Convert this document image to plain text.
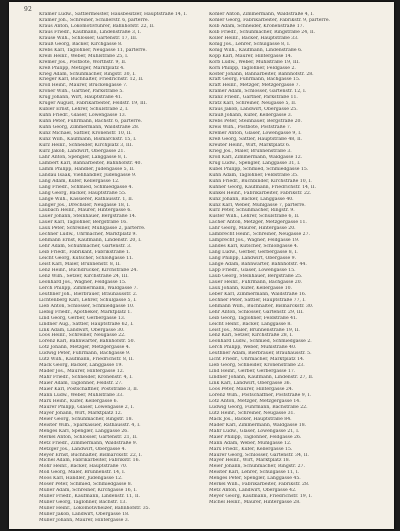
92
Kramer Ludw., Sattlermeister, Hausbesitzer, Hauptstraße 14, I.
Krämer Joh., Schreiner, Schillerstr. 6, parterre.
Kraus Anton, Lokomotivführer, Bahnhofstr. 22, II.
Kraus Friedr., Kaufmann, Lindenstraße 3, I.
Krause Wilh., Schlosser, Gartenstr. 17, III.
Krauß Georg, Bäcker, Kirchgasse 8.
Krebs Karl, Taglöhner, Neugasse 11, parterre.
Kreiß Heinr., Weber, Mühlstraße 25, I.
Kremer Jos., Postbote, Wörthstr. 9, II.
Kreß Philipp, Metzger, Marktplatz 4.
Krieg Adam, Schuhmacher, Ringstr. 30, I.
Krieger Karl, Buchhalter, Friedrichstr. 12, II.
Kroll Heinr., Maurer, Brückengasse 7.
Kröner Wilh., Gärtner, Parkstraße 5.
Krug Johann, Wirt, Hauptstraße 41.
Krüger August, Fabrikarbeiter, Feldstr. 19, III.
Kübler Ernst, Lehrer, Schulstraße 2, I.
Kuhn Friedr., Glaser, Löwengasse 13.
Kuhn Peter, Fuhrmann, Bachstr. 6, parterre.
Kühn Georg, Zimmermann, Waldstraße 28.
Kunz Michael, Sattler, Kronenstr. 10, II.
Kunz Wilh., Kaufmann, Bismarckstr. 15, I.
Kurz Heinr., Schneider, Kirchplatz 3, III.
Kurz Jakob, Landwirt, Obergasse 21.
Lahr Anton, Spengler, Langgasse 8, I.
Lambert Karl, Bahnarbeiter, Bahnhofstr. 40.
Lamm Philipp, Händler, Judengasse 5, II.
Landau Isaak, Viehhändler, Judengasse 9.
Lang Adam, Küfer, Kellergasse 12.
Lang Friedr., Schmied, Schmiedgasse 4.
Lang Georg, Bäcker, Hauptstraße 55.
Lange Wilh., Kassierer, Rathausstr. 1, II.
Langer Jos., Drechsler, Neugasse 18, I.
Laubach Heinr., Maurer, Hintergasse 6.
Lauer Johann, Steinhauer, Bergstraße 14.
Lauer Karl, Taglöhner, Bergstraße 16.
Laux Peter, Schreiner, Mühlgasse 2, parterre.
Lechner Ludw., Uhrmacher, Marktplatz 9.
Lehmann Ernst, Kaufmann, Lindenstr. 20, I.
Lehr Adam, Schuhmacher, Gartenstr. 3.
Leib Friedr., Fabrikant, Fabrikstraße 1.
Leicht Georg, Kutscher, Schloßgasse 11.
Leist Karl, Maler, Brunnenstr. 8, II.
Lenz Heinr., Buchdrucker, Kirchstraße 24.
Lenz Wilh., Setzer, Kirchstraße 24, III.
Leonhard Jos., Wagner, Feldgasse 15.
Lerch Philipp, Zimmermann, Waldgasse 7.
Leuthner Joh., Bierbrauer, Brauhausstr. 2.
Lichtenberg Karl, Lehrer, Schulgasse 5, I.
Lieb Anton, Schlosser, Schmiedgasse 10.
Liebig Friedr., Apotheker, Marktplatz 1.
Lind Georg, Gerber, Gerbergasse 13.
Lindner Aug., Sattler, Hauptstraße 62, I.
Link Adam, Landwirt, Obergasse 30.
Loos Heinr., Schreiner, Neugasse 22.
Lorenz Karl, Bahnwärter, Bahnhofstr. 50.
Lotz Johann, Metzger, Metzgergasse 4.
Ludwig Peter, Fuhrmann, Bachgasse 9.
Lutz Wilh., Kaufmann, Friedrichstr. 8, II.
Mack Georg, Bäcker, Langgasse 19.
Mader Jos., Maurer, Hintergasse 12.
Mahr Friedr., Schneider, Kronenstr. 4, I.
Maier Adam, Taglöhner, Feldstr. 27.
Maier Karl, Postschaffner, Poststraße 3, II.
Mann Ludw., Weber, Mühlstraße 33.
Marx Heinr., Küfer, Kellergasse 6.
Maurer Philipp, Glaser, Löwengasse 2, I.
Mayer Johann, Wirt, Marktplatz 12.
Meier Georg, Schuhmacher, Ringstr. 18.
Meister Wilh., Sparkassier, Rathausstr. 4, I.
Menges Karl, Spengler, Langgasse 26.
Merkel Anton, Schlosser, Gartenstr. 21, II.
Metz Friedr., Zimmermann, Waldstraße 9.
Metzger Jos., Landwirt, Obergasse 4.
Meyer Ernst, Buchhalter, Bismarckstr. 22, I.
Michel Adam, Fabrikarbeiter, Fabrikstr. 16.
Mohr Heinr., Bäcker, Hauptstraße 70.
Moll Georg, Maler, Brunnenstr. 14, I.
Moos Karl, Händler, Judengasse 12.
Moser Peter, Schmied, Schmiedgasse 8.
Müller Adam, Schreiner, Kirchgasse 16, I.
Müller Friedr., Kaufmann, Lindenstr. 11, II.
Müller Georg, Taglöhner, Bachstr. 13.
Müller Heinr., Lokomotivheizer, Bahnhofstr. 35.
Müller Jakob, Landwirt, Obergasse 18.
Müller Johann, Maurer, Hintergasse 3.
Kohler Anton, Zimmermann, Waldstraße 4, I.
Kohler Georg, Fabrikarbeiter, Fabrikstr. 9, parterre.
Kolb Adam, Schneider, Kronenstraße 17.
Kolb Friedr., Schuhmacher, Ringstraße 24, II.
Koller Heinr., Bäcker, Hauptstraße 33.
König Jos., Lehrer, Schulgasse 8, I.
König Wilh., Kaufmann, Lindenstraße 6.
Kopp Karl, Maurer, Hintergasse 14.
Korb Ludw., Weber, Mühlstraße 19, III.
Korn Philipp, Taglöhner, Feldgasse 2.
Koster Johann, Bahnarbeiter, Bahnhofstr. 28.
Kraft Georg, Fuhrmann, Bachgasse 15.
Kraft Heinr., Metzger, Metzgergasse 7.
Kramer Adam, Schlosser, Gartenstr. 12, I.
Kranz Friedr., Gärtner, Parkstraße 11.
Kratz Karl, Schreiner, Neugasse 5, II.
Kraus Jakob, Landwirt, Obergasse 25.
Krauß Johann, Küfer, Kellergasse 3.
Krebs Peter, Steinhauer, Bergstraße 20.
Kreis Wilh., Postbote, Poststraße 7.
Kremer Anton, Glaser, Löwengasse 9, I.
Kreß Georg, Sattler, Hauptstraße 48, II.
Kreuter Heinr., Wirt, Marktplatz 6.
Krieg Jos., Maler, Brunnenstraße 3.
Kroll Karl, Zimmermann, Waldgasse 12.
Krug Ludw., Spengler, Langgasse 31, I.
Kübel Philipp, Schmied, Schmiedgasse 15.
Kuhn Adam, Taglöhner, Feldstraße 35.
Kuhn Friedr., Buchbinder, Kirchstraße 10, I.
Kühner Georg, Kaufmann, Friedrichstr. 14, II.
Kunkel Heinr., Fabrikarbeiter, Fabrikstr. 22.
Kunz Johann, Bäcker, Langgasse 40.
Kunz Karl, Weber, Mühlgasse 7, parterre.
Kurz Peter, Schuhmacher, Ringstr. 9.
Kuster Wilh., Lehrer, Schulstraße 6, II.
Lacher Anton, Metzger, Metzgergasse 11.
Lahr Georg, Maurer, Hintergasse 20.
Lambrecht Heinr., Schreiner, Neugasse 27.
Lamprecht Jos., Wagner, Feldgasse 19.
Landes Karl, Kutscher, Schloßgasse 4.
Lang Ludw., Gerber, Gerbergasse 8, I.
Lang Philipp, Landwirt, Obergasse 9.
Lange Adam, Bahnwärter, Bahnhofstr. 44.
Lapp Friedr., Glaser, Löwengasse 15.
Laub Georg, Steinhauer, Bergstraße 25.
Lauer Heinr., Fuhrmann, Bachgasse 20.
Laux Johann, Küfer, Kellergasse 10.
Leber Karl, Zimmermann, Waldstraße 16.
Lechner Peter, Sattler, Hauptstraße 77, I.
Lehmann Wilh., Buchhalter, Bismarckstr. 30.
Lehr Anton, Schlosser, Gartenstr. 29, III.
Leib Georg, Taglöhner, Feldstraße 41.
Leicht Heinr., Bäcker, Langgasse 8.
Leist Jos., Maler, Brunnenstraße 19, II.
Lenz Karl, Setzer, Kirchstraße 28, I.
Leonhard Ludw., Schmied, Schmiedgasse 2.
Lerch Philipp, Weber, Mühlstraße 40.
Leuthner Adam, Bierbrauer, Brauhausstr. 5.
Licht Friedr., Uhrmacher, Marktplatz 14.
Lieb Georg, Schneider, Kronenstraße 23.
Lind Heinr., Gerber, Gerbergasse 17.
Lindner Johann, Kaufmann, Lindenstr. 27, II.
Link Karl, Landwirt, Obergasse 36.
Loos Peter, Maurer, Hintergasse 24.
Lorenz Wilh., Postschaffner, Poststraße 9, I.
Lotz Anton, Metzger, Metzgergasse 14.
Ludwig Georg, Fuhrmann, Bachstraße 22.
Lutz Heinr., Schreiner, Neugasse 31.
Mack Jos., Bäcker, Hauptstraße 84.
Mader Karl, Zimmermann, Waldgasse 18.
Mahr Ludw., Glaser, Löwengasse 21, I.
Maier Philipp, Taglöhner, Feldgasse 26.
Mann Adam, Weber, Mühlgasse 12.
Marx Friedr., Küfer, Kellergasse 15.
Maurer Georg, Schlosser, Gartenstr. 34, II.
Mayer Heinr., Wirt, Marktplatz 18.
Meier Johann, Schuhmacher, Ringstr. 27.
Meister Karl, Lehrer, Schulgasse 11, I.
Menges Peter, Spengler, Langgasse 45.
Merkel Wilh., Fabrikarbeiter, Fabrikstr. 28.
Metz Anton, Landwirt, Obergasse 42.
Meyer Georg, Kaufmann, Friedrichstr. 19, I.
Michel Heinr., Maurer, Hintergasse 28.
